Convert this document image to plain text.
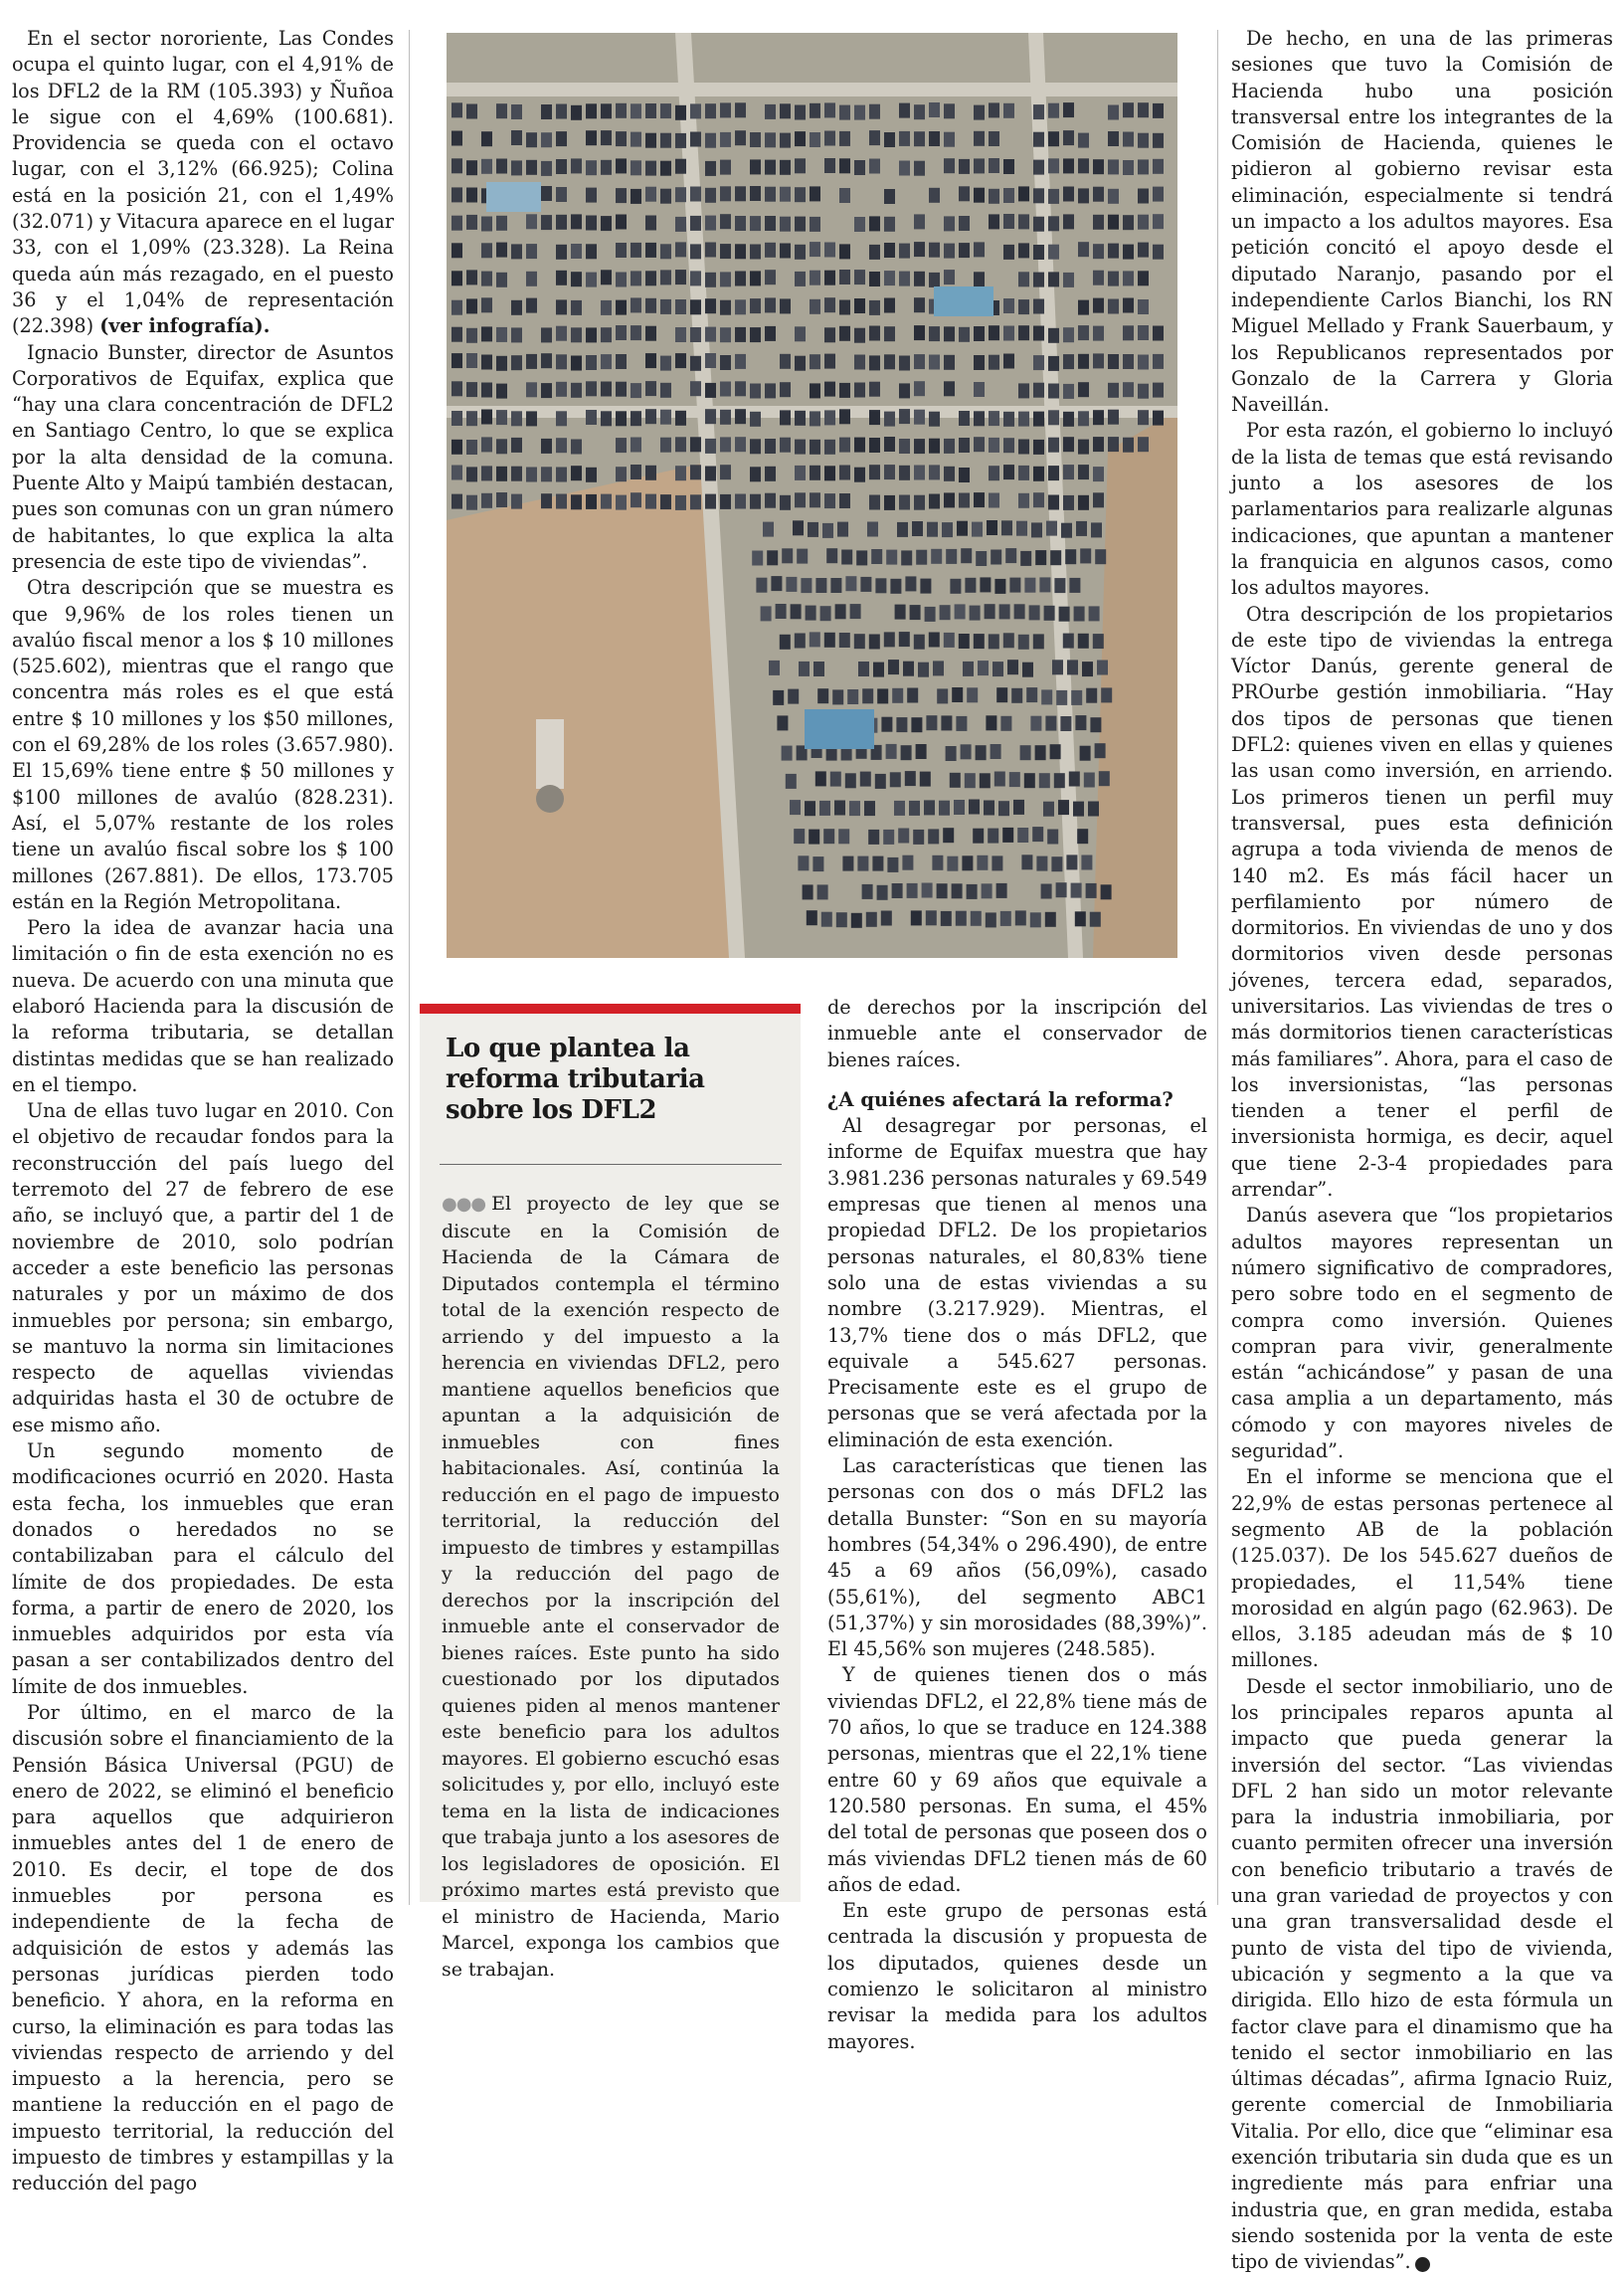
En el sector nororiente, Las Condes ocupa el quinto lugar, con el 4,91% de los DFL2 de la RM (105.393) y Ñuñoa le sigue con el 4,69% (100.681). Providencia se queda con el octavo lugar, con el 3,12% (66.925); Colina está en la posición 21, con el 1,49% (32.071) y Vitacura aparece en el lugar 33, con el 1,09% (23.328). La Reina queda aún más rezagado, en el puesto 36 y el 1,04% de representación (22.398) (ver infografía).

Ignacio Bunster, director de Asuntos Corporativos de Equifax, explica que “hay una clara concentración de DFL2 en Santiago Centro, lo que se explica por la alta densidad de la comuna. Puente Alto y Maipú también destacan, pues son comunas con un gran número de habitantes, lo que explica la alta presencia de este tipo de viviendas”.

Otra descripción que se muestra es que 9,96% de los roles tienen un avalúo fiscal menor a los $ 10 millones (525.602), mientras que el rango que concentra más roles es el que está entre $ 10 millones y los $50 millones, con el 69,28% de los roles (3.657.980). El 15,69% tiene entre $ 50 millones y $100 millones de avalúo (828.231). Así, el 5,07% restante de los roles tiene un avalúo fiscal sobre los $ 100 millones (267.881). De ellos, 173.705 están en la Región Metropolitana.

Pero la idea de avanzar hacia una limitación o fin de esta exención no es nueva. De acuerdo con una minuta que elaboró Hacienda para la discusión de la reforma tributaria, se detallan distintas medidas que se han realizado en el tiempo.

Una de ellas tuvo lugar en 2010. Con el objetivo de recaudar fondos para la reconstrucción del país luego del terremoto del 27 de febrero de ese año, se incluyó que, a partir del 1 de noviembre de 2010, solo podrían acceder a este beneficio las personas naturales y por un máximo de dos inmuebles por persona; sin embargo, se mantuvo la norma sin limitaciones respecto de aquellas viviendas adquiridas hasta el 30 de octubre de ese mismo año.

Un segundo momento de modificaciones ocurrió en 2020. Hasta esta fecha, los inmuebles que eran donados o heredados no se contabilizaban para el cálculo del límite de dos propiedades. De esta forma, a partir de enero de 2020, los inmuebles adquiridos por esta vía pasan a ser contabilizados dentro del límite de dos inmuebles.

Por último, en el marco de la discusión sobre el financiamiento de la Pensión Básica Universal (PGU) de enero de 2022, se eliminó el beneficio para aquellos que adquirieron inmuebles antes del 1 de enero de 2010. Es decir, el tope de dos inmuebles por persona es independiente de la fecha de adquisición de estos y además las personas jurídicas pierden todo beneficio. Y ahora, en la reforma en curso, la eliminación es para todas las viviendas respecto de arriendo y del impuesto a la herencia, pero se mantiene la reducción en el pago de impuesto territorial, la reducción del impuesto de timbres y estampillas y la reducción del pago

Lo que plantea la reforma tributaria sobre los DFL2

●●● El proyecto de ley que se discute en la Comisión de Hacienda de la Cámara de Diputados contempla el término total de la exención respecto de arriendo y del impuesto a la herencia en viviendas DFL2, pero mantiene aquellos beneficios que apuntan a la adquisición de inmuebles con fines habitacionales. Así, continúa la reducción en el pago de impuesto territorial, la reducción del impuesto de timbres y estampillas y la reducción del pago de derechos por la inscripción del inmueble ante el conservador de bienes raíces. Este punto ha sido cuestionado por los diputados quienes piden al menos mantener este beneficio para los adultos mayores. El gobierno escuchó esas solicitudes y, por ello, incluyó este tema en la lista de indicaciones que trabaja junto a los asesores de los legisladores de oposición. El próximo martes está previsto que el ministro de Hacienda, Mario Marcel, exponga los cambios que se trabajan.

de derechos por la inscripción del inmueble ante el conservador de bienes raíces.

¿A quiénes afectará la reforma?

Al desagregar por personas, el informe de Equifax muestra que hay 3.981.236 personas naturales y 69.549 empresas que tienen al menos una propiedad DFL2. De los propietarios personas naturales, el 80,83% tiene solo una de estas viviendas a su nombre (3.217.929). Mientras, el 13,7% tiene dos o más DFL2, que equivale a 545.627 personas. Precisamente este es el grupo de personas que se verá afectada por la eliminación de esta exención.

Las características que tienen las personas con dos o más DFL2 las detalla Bunster: “Son en su mayoría hombres (54,34% o 296.490), de entre 45 a 69 años (56,09%), casado (55,61%), del segmento ABC1 (51,37%) y sin morosidades (88,39%)”. El 45,56% son mujeres (248.585).

Y de quienes tienen dos o más viviendas DFL2, el 22,8% tiene más de 70 años, lo que se traduce en 124.388 personas, mientras que el 22,1% tiene entre 60 y 69 años que equivale a 120.580 personas. En suma, el 45% del total de personas que poseen dos o más viviendas DFL2 tienen más de 60 años de edad.

En este grupo de personas está centrada la discusión y propuesta de los diputados, quienes desde un comienzo le solicitaron al ministro revisar la medida para los adultos mayores.

De hecho, en una de las primeras sesiones que tuvo la Comisión de Hacienda hubo una posición transversal entre los integrantes de la Comisión de Hacienda, quienes le pidieron al gobierno revisar esta eliminación, especialmente si tendrá un impacto a los adultos mayores. Esa petición concitó el apoyo desde el diputado Naranjo, pasando por el independiente Carlos Bianchi, los RN Miguel Mellado y Frank Sauerbaum, y los Republicanos representados por Gonzalo de la Carrera y Gloria Naveillán.

Por esta razón, el gobierno lo incluyó de la lista de temas que está revisando junto a los asesores de los parlamentarios para realizarle algunas indicaciones, que apuntan a mantener la franquicia en algunos casos, como los adultos mayores.

Otra descripción de los propietarios de este tipo de viviendas la entrega Víctor Danús, gerente general de PROurbe gestión inmobiliaria. “Hay dos tipos de personas que tienen DFL2: quienes viven en ellas y quienes las usan como inversión, en arriendo. Los primeros tienen un perfil muy transversal, pues esta definición agrupa a toda vivienda de menos de 140 m2. Es más fácil hacer un perfilamiento por número de dormitorios. En viviendas de uno y dos dormitorios viven desde personas jóvenes, tercera edad, separados, universitarios. Las viviendas de tres o más dormitorios tienen características más familiares”. Ahora, para el caso de los inversionistas, “las personas tienden a tener el perfil de inversionista hormiga, es decir, aquel que tiene 2-3-4 propiedades para arrendar”.

Danús asevera que “los propietarios adultos mayores representan un número significativo de compradores, pero sobre todo en el segmento de compra como inversión. Quienes compran para vivir, generalmente están “achicándose” y pasan de una casa amplia a un departamento, más cómodo y con mayores niveles de seguridad”.

En el informe se menciona que el 22,9% de estas personas pertenece al segmento AB de la población (125.037). De los 545.627 dueños de propiedades, el 11,54% tiene morosidad en algún pago (62.963). De ellos, 3.185 adeudan más de $ 10 millones.

Desde el sector inmobiliario, uno de los principales reparos apunta al impacto que pueda generar la inversión del sector. “Las viviendas DFL 2 han sido un motor relevante para la industria inmobiliaria, por cuanto permiten ofrecer una inversión con beneficio tributario a través de una gran variedad de proyectos y con una gran transversalidad desde el punto de vista del tipo de vivienda, ubicación y segmento a la que va dirigida. Ello hizo de esta fórmula un factor clave para el dinamismo que ha tenido el sector inmobiliario en las últimas décadas”, afirma Ignacio Ruiz, gerente comercial de Inmobiliaria Vitalia. Por ello, dice que “eliminar esa exención tributaria sin duda que es un ingrediente más para enfriar una industria que, en gran medida, estaba siendo sostenida por la venta de este tipo de viviendas”. P
